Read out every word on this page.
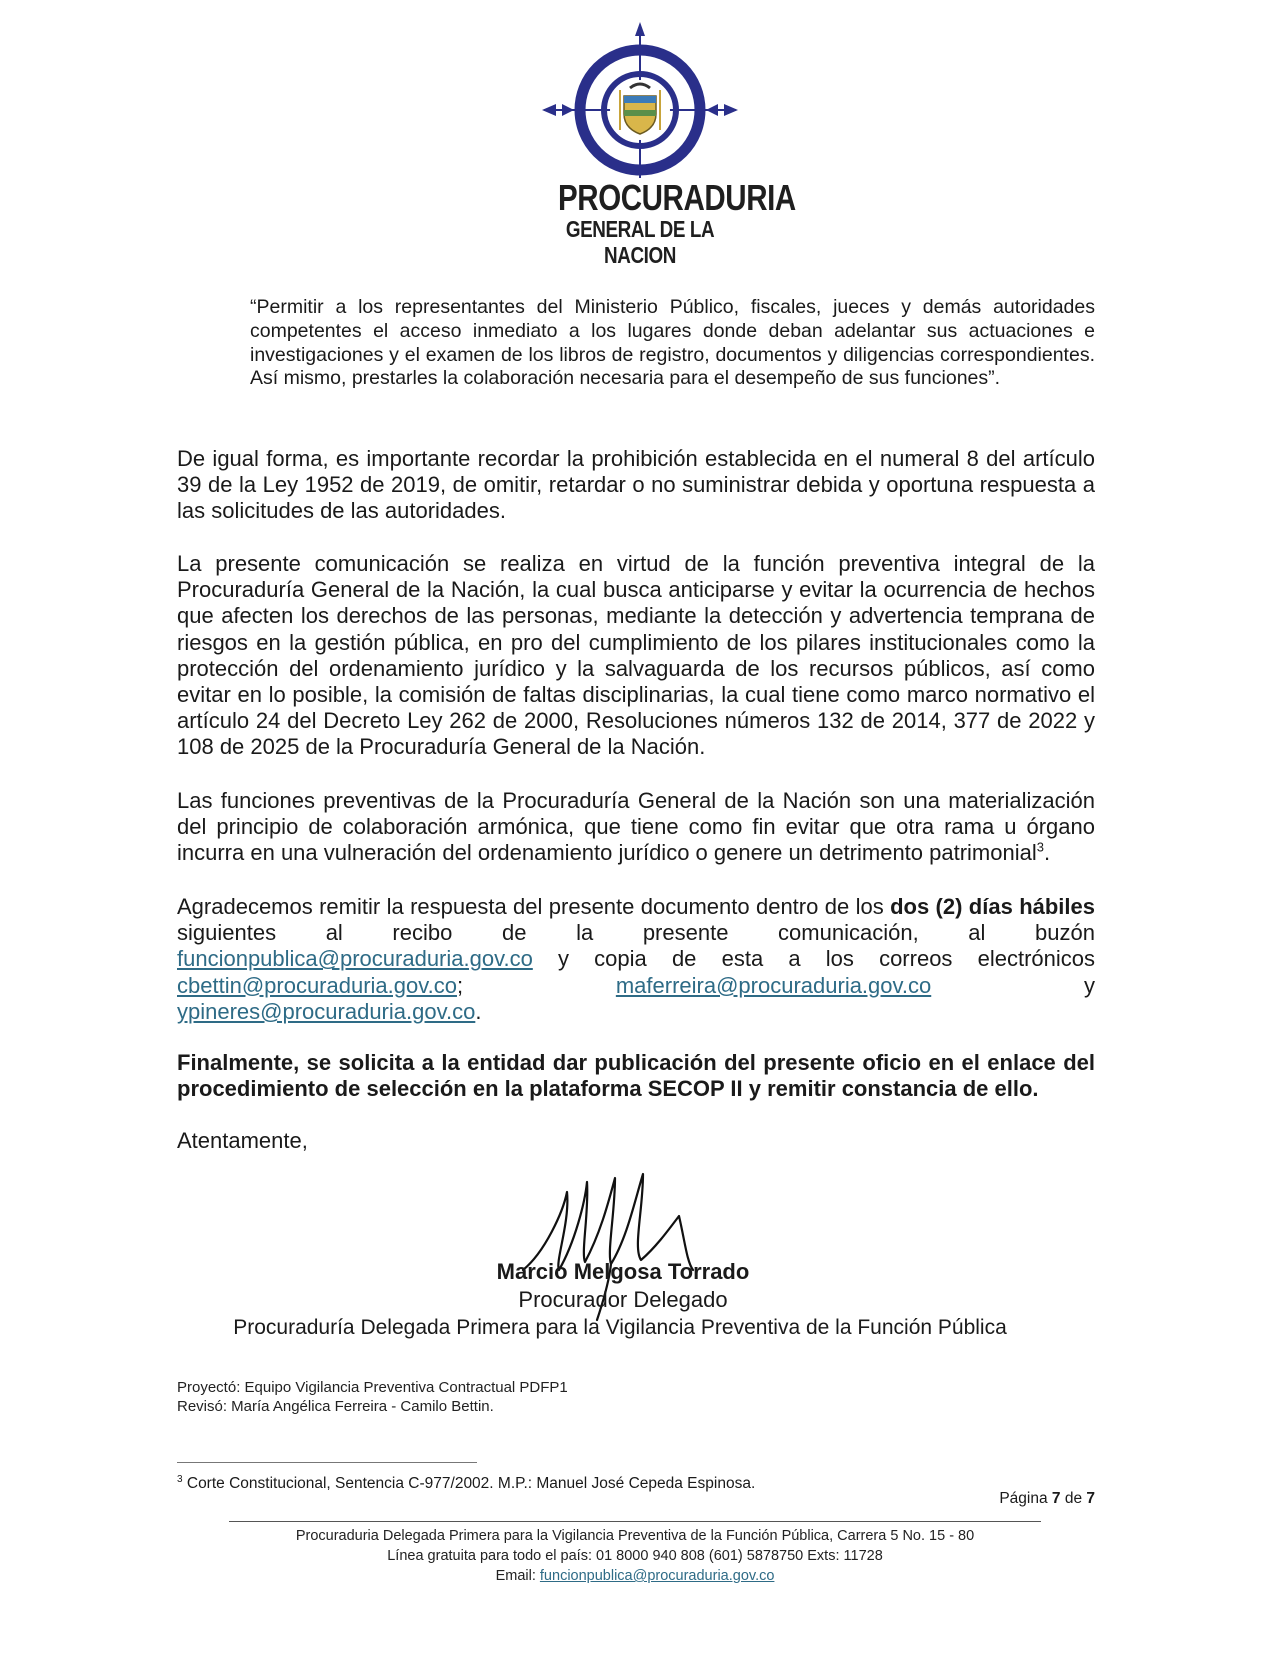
PROCURADURIA
GENERAL DE LA NACION
“Permitir a los representantes del Ministerio Público, fiscales, jueces y demás autoridades competentes el acceso inmediato a los lugares donde deban adelantar sus actuaciones e investigaciones y el examen de los libros de registro, documentos y diligencias correspondientes. Así mismo, prestarles la colaboración necesaria para el desempeño de sus funciones”.
De igual forma, es importante recordar la prohibición establecida en el numeral 8 del artículo 39 de la Ley 1952 de 2019, de omitir, retardar o no suministrar debida y oportuna respuesta a las solicitudes de las autoridades.
La presente comunicación se realiza en virtud de la función preventiva integral de la Procuraduría General de la Nación, la cual busca anticiparse y evitar la ocurrencia de hechos que afecten los derechos de las personas, mediante la detección y advertencia temprana de riesgos en la gestión pública, en pro del cumplimiento de los pilares institucionales como la protección del ordenamiento jurídico y la salvaguarda de los recursos públicos, así como evitar en lo posible, la comisión de faltas disciplinarias, la cual tiene como marco normativo el artículo 24 del Decreto Ley 262 de 2000, Resoluciones números 132 de 2014, 377 de 2022 y 108 de 2025 de la Procuraduría General de la Nación.
Las funciones preventivas de la Procuraduría General de la Nación son una materialización del principio de colaboración armónica, que tiene como fin evitar que otra rama u órgano incurra en una vulneración del ordenamiento jurídico o genere un detrimento patrimonial$^3$.
Agradecemos remitir la respuesta del presente documento dentro de los dos (2) días hábiles siguientes al recibo de la presente comunicación, al buzón funcionpublica@procuraduria.gov.co y copia de esta a los correos electrónicos cbettin@procuraduria.gov.co;	maferreira@procuraduria.gov.co	y
ypineres@procuraduria.gov.co.
Finalmente, se solicita a la entidad dar publicación del presente oficio en el enlace del procedimiento de selección en la plataforma SECOP II y remitir constancia de ello.
Atentamente,
Marcio Melgosa Torrado
Procurador Delegado
Procuraduría Delegada Primera para la Vigilancia Preventiva de la Función Pública
Proyectó: Equipo Vigilancia Preventiva Contractual PDFP1
Revisó: María Angélica Ferreira - Camilo Bettin.
$^3$ Corte Constitucional, Sentencia C-977/2002. M.P.: Manuel José Cepeda Espinosa.
Página 7 de 7
Procuraduria Delegada Primera para la Vigilancia Preventiva de la Función Pública, Carrera 5 No. 15 - 80
Línea gratuita para todo el país: 01 8000 940 808 (601) 5878750 Exts: 11728
Email: funcionpublica@procuraduria.gov.co
